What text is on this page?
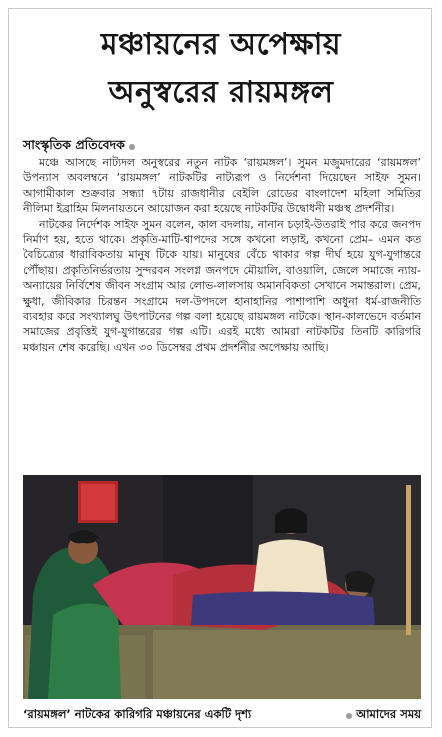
মঞ্চায়নের অপেক্ষায়
অনুস্বরের রায়মঙ্গল
সাংস্কৃতিক প্রতিবেদক

মঞ্চে আসছে নাট্যদল অনুস্বরের নতুন নাটক ‘রায়মঙ্গল’। সুমন মজুমদারের ‘রায়মঙ্গল’ উপন্যাস অবলম্বনে ‘রায়মঙ্গল’ নাটকটির নাট্যরূপ ও নির্দেশনা দিয়েছেন সাইফ সুমন। আগামীকাল শুক্রবার সন্ধ্যা ৭টায় রাজধানীর বেইলি রোডের বাংলাদেশ মহিলা সমিতির নীলিমা ইব্রাহিম মিলনায়তনে আয়োজন করা হয়েছে নাটকটির উদ্বোধনী মঞ্চস্থ প্রদর্শনীর।

নাটকের নির্দেশক সাইফ সুমন বলেন, কাল বদলায়, নানান চড়াই-উতরাই পার করে জনপদ নির্মাণ হয়, হতে থাকে। প্রকৃতি-মাটি-শ্বাপদের সঙ্গে কখনো লড়াই, কখনো প্রেম– এমন কত বৈচিত্র্যের ধারাবিকতায় মানুষ টিকে যায়। মানুষের বেঁচে থাকার গল্প দীর্ঘ হয়ে যুগ-যুগান্তরে পৌঁছায়। প্রকৃতিনির্ভরতায় সুন্দরবন সংলগ্ন জনপদে মৌয়ালি, বাওয়ালি, জেলে সমাজে ন্যায়-অন্যায়ের নির্বিশেষ জীবন সংগ্রাম আর লোভ-লালসায় অমানবিকতা সেখানে সমান্তরাল। প্রেম, ক্ষুধা, জীবিকার চিরন্তন সংগ্রামে দল-উপদলে হানাহানির পাশাপাশি অধুনা ধর্ম-রাজনীতি ব্যবহার করে সংখ্যালঘু উৎপাটনের গল্প বলা হয়েছে রায়মঙ্গল নাটকে। স্থান-কালভেদে বর্তমান সমাজের প্রবৃত্তিই যুগ-যুগান্তরের গল্প এটি। এরই মধ্যে আমরা নাটকটির তিনটি কারিগরি মঞ্চায়ন শেষ করেছি। এখন ৩০ ডিসেম্বর প্রথম প্রদর্শনীর অপেক্ষায় আছি।

‘রায়মঙ্গল’ নাটকের কারিগরি মঞ্চায়নের একটি দৃশ্য	আমাদের সময়
